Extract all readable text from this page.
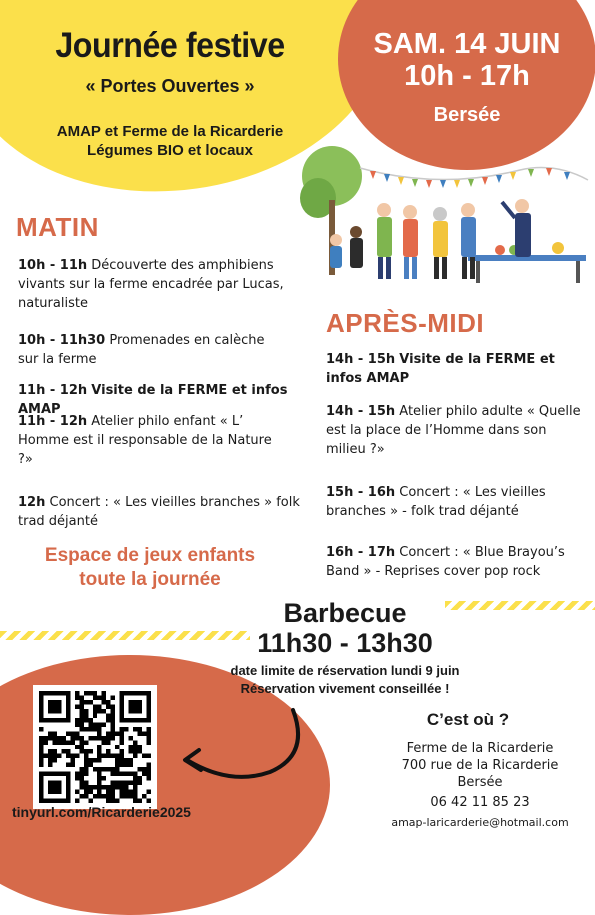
Journée festive
« Portes Ouvertes »
AMAP et Ferme de la Ricarderie
Légumes BIO et locaux
SAM. 14 JUIN
10h - 17h
Bersée
MATIN
10h - 11h Découverte des amphibiens vivants sur la ferme encadrée par Lucas, naturaliste
10h - 11h30 Promenades en calèche sur la ferme
11h - 12h Visite de la FERME et infos AMAP
11h - 12h Atelier philo enfant « L’ Homme est il responsable de la Nature ?»
12h Concert : « Les vieilles branches » folk trad déjanté
Espace de jeux enfants
toute la journée
APRÈS-MIDI
14h - 15h Visite de la FERME et infos AMAP
14h - 15h Atelier philo adulte « Quelle est la place de l’Homme dans son milieu ?»
15h - 16h Concert : « Les vieilles branches » - folk trad déjanté
16h - 17h Concert : « Blue Brayou’s Band » - Reprises cover pop rock
Barbecue
11h30 - 13h30
date limite de réservation lundi 9 juin
Réservation vivement conseillée !
tinyurl.com/Ricarderie2025
C’est où ?
Ferme de la Ricarderie
700 rue de la Ricarderie
Bersée
06 42 11 85 23
amap-laricarderie@hotmail.com
